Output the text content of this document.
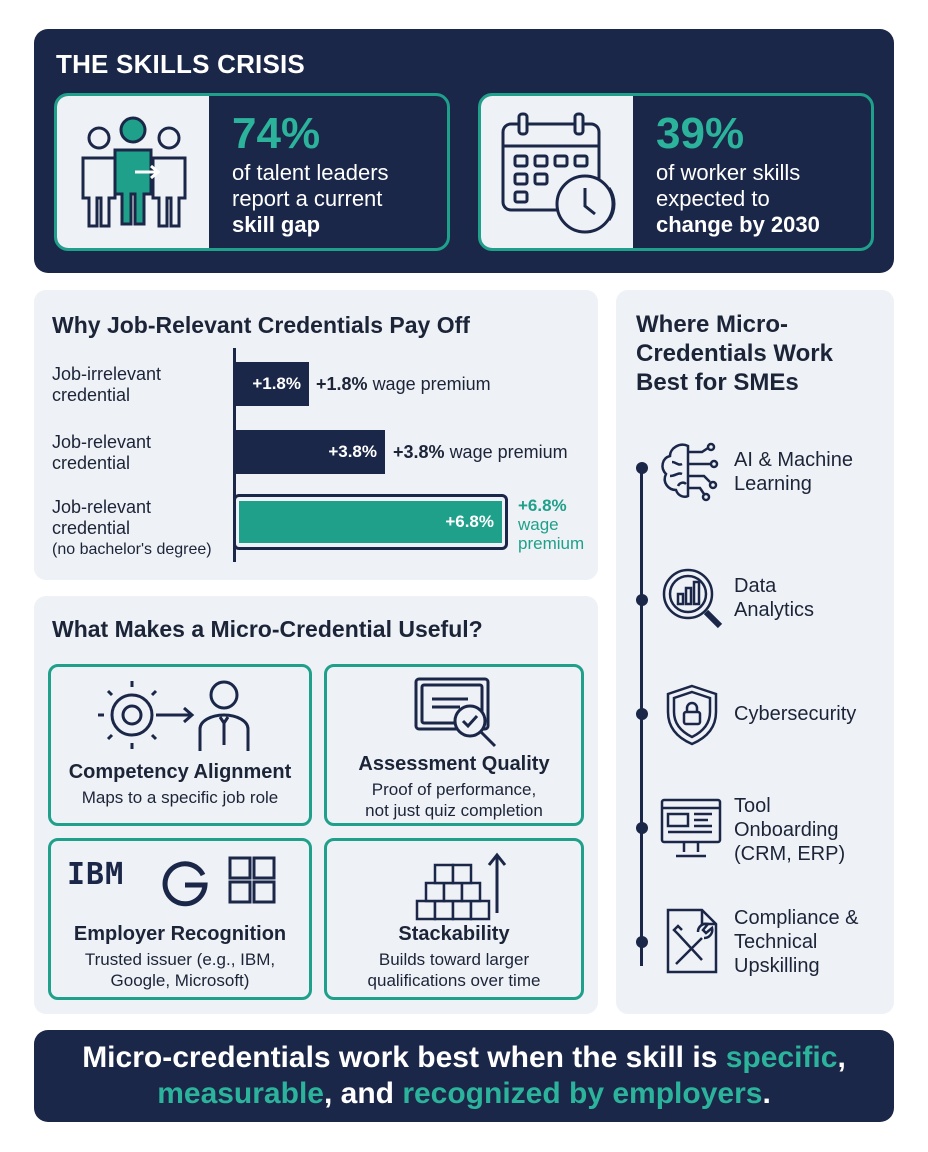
THE SKILLS CRISIS
74%
of talent leaders
report a current
skill gap
39%
of worker skills
expected to
change by 2030
Why Job-Relevant Credentials Pay Off
Job-irrelevant
credential
+1.8% +1.8% wage premium
Job-relevant
credential
+3.8% +3.8% wage premium
Job-relevant
credential
(no bachelor's degree)
+6.8%
+6.8%
wage
premium
What Makes a Micro-Credential Useful?
Competency Alignment
Maps to a specific job role
Assessment Quality
Proof of performance,
not just quiz completion
IBM
Employer Recognition
Trusted issuer (e.g., IBM,
Google, Microsoft)
Stackability
Builds toward larger
qualifications over time
Where Micro-
Credentials Work
Best for SMEs
AI & Machine
Learning
Data
Analytics
Cybersecurity
Tool
Onboarding
(CRM, ERP)
Compliance &
Technical
Upskilling
Micro-credentials work best when the skill is specific,
measurable, and recognized by employers.
